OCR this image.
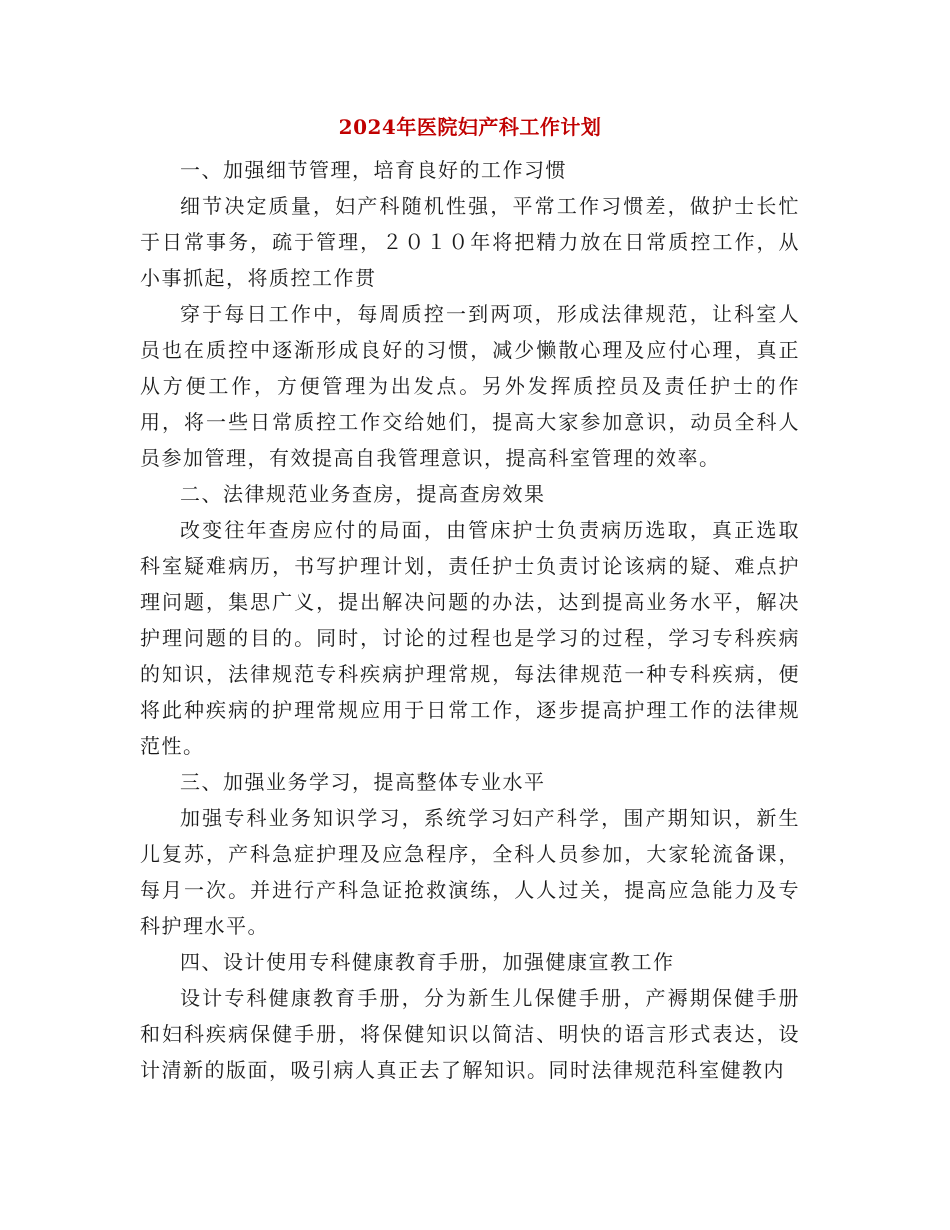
2024年医院妇产科工作计划

一、加强细节管理，培育良好的工作习惯

细节决定质量，妇产科随机性强，平常工作习惯差，做护士长忙于日常事务，疏于管理，２０１０年将把精力放在日常质控工作，从小事抓起，将质控工作贯

穿于每日工作中，每周质控一到两项，形成法律规范，让科室人员也在质控中逐渐形成良好的习惯，减少懒散心理及应付心理，真正从方便工作，方便管理为出发点。另外发挥质控员及责任护士的作用，将一些日常质控工作交给她们，提高大家参加意识，动员全科人员参加管理，有效提高自我管理意识，提高科室管理的效率。

二、法律规范业务查房，提高查房效果

改变往年查房应付的局面，由管床护士负责病历选取，真正选取科室疑难病历，书写护理计划，责任护士负责讨论该病的疑、难点护理问题，集思广义，提出解决问题的办法，达到提高业务水平，解决护理问题的目的。同时，讨论的过程也是学习的过程，学习专科疾病的知识，法律规范专科疾病护理常规，每法律规范一种专科疾病，便将此种疾病的护理常规应用于日常工作，逐步提高护理工作的法律规范性。

三、加强业务学习，提高整体专业水平

加强专科业务知识学习，系统学习妇产科学，围产期知识，新生儿复苏，产科急症护理及应急程序，全科人员参加，大家轮流备课，每月一次。并进行产科急证抢救演练，人人过关，提高应急能力及专科护理水平。

四、设计使用专科健康教育手册，加强健康宣教工作

设计专科健康教育手册，分为新生儿保健手册，产褥期保健手册和妇科疾病保健手册，将保健知识以简洁、明快的语言形式表达，设计清新的版面，吸引病人真正去了解知识。同时法律规范科室健教内
